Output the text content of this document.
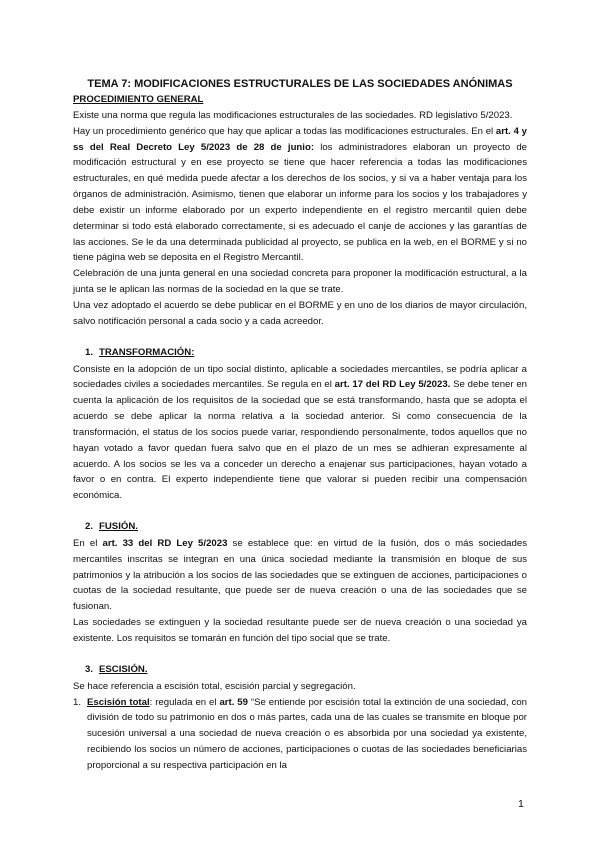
TEMA 7: MODIFICACIONES ESTRUCTURALES DE LAS SOCIEDADES ANÓNIMAS
PROCEDIMIENTO GENERAL

Existe una norma que regula las modificaciones estructurales de las sociedades. RD legislativo 5/2023.

Hay un procedimiento genérico que hay que aplicar a todas las modificaciones estructurales. En el art. 4 y ss del Real Decreto Ley 5/2023 de 28 de junio: los administradores elaboran un proyecto de modificación estructural y en ese proyecto se tiene que hacer referencia a todas las modificaciones estructurales, en qué medida puede afectar a los derechos de los socios, y si va a haber ventaja para los órganos de administración. Asimismo, tienen que elaborar un informe para los socios y los trabajadores y debe existir un informe elaborado por un experto independiente en el registro mercantil quien debe determinar si todo está elaborado correctamente, si es adecuado el canje de acciones y las garantías de las acciones. Se le da una determinada publicidad al proyecto, se publica en la web, en el BORME y si no tiene página web se deposita en el Registro Mercantil.

Celebración de una junta general en una sociedad concreta para proponer la modificación estructural, a la junta se le aplican las normas de la sociedad en la que se trate.

Una vez adoptado el acuerdo se debe publicar en el BORME y en uno de los diarios de mayor circulación, salvo notificación personal a cada socio y a cada acreedor.

1. TRANSFORMACIÓN:

Consiste en la adopción de un tipo social distinto, aplicable a sociedades mercantiles, se podría aplicar a sociedades civiles a sociedades mercantiles. Se regula en el art. 17 del RD Ley 5/2023. Se debe tener en cuenta la aplicación de los requisitos de la sociedad que se está transformando, hasta que se adopta el acuerdo se debe aplicar la norma relativa a la sociedad anterior. Si como consecuencia de la transformación, el status de los socios puede variar, respondiendo personalmente, todos aquellos que no hayan votado a favor quedan fuera salvo que en el plazo de un mes se adhieran expresamente al acuerdo. A los socios se les va a conceder un derecho a enajenar sus participaciones, hayan votado a favor o en contra. El experto independiente tiene que valorar si pueden recibir una compensación económica.

2. FUSIÓN.

En el art. 33 del RD Ley 5/2023 se establece que: en virtud de la fusión, dos o más sociedades mercantiles inscritas se integran en una única sociedad mediante la transmisión en bloque de sus patrimonios y la atribución a los socios de las sociedades que se extinguen de acciones, participaciones o cuotas de la sociedad resultante, que puede ser de nueva creación o una de las sociedades que se fusionan.

Las sociedades se extinguen y la sociedad resultante puede ser de nueva creación o una sociedad ya existente. Los requisitos se tomarán en función del tipo social que se trate.

3. ESCISIÓN.

Se hace referencia a escisión total, escisión parcial y segregación.

1. Escisión total: regulada en el art. 59 “Se entiende por escisión total la extinción de una sociedad, con división de todo su patrimonio en dos o más partes, cada una de las cuales se transmite en bloque por sucesión universal a una sociedad de nueva creación o es absorbida por una sociedad ya existente, recibiendo los socios un número de acciones, participaciones o cuotas de las sociedades beneficiarias proporcional a su respectiva participación en la
1
